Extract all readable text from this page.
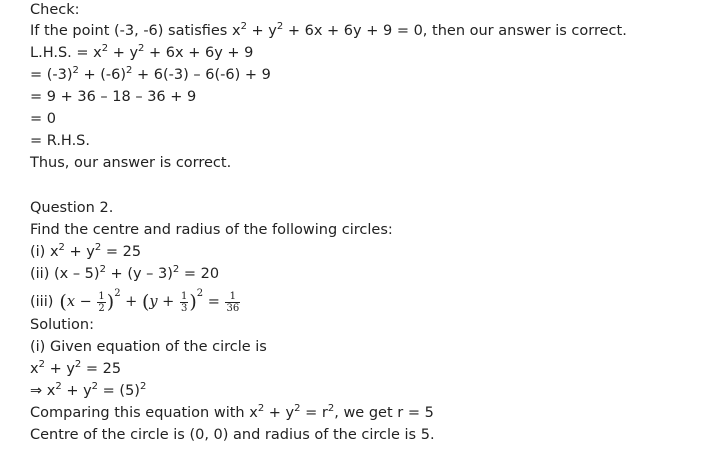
Check:
If the point (-3, -6) satisfies $x^2 + y^2 + 6x + 6y + 9 = 0$, then our answer is correct.
L.H.S. = $x^2 + y^2 + 6x + 6y + 9$
= $(-3)^2 + (-6)^2 + 6(-3) - 6(-6) + 9$
= 9 + 36 – 18 – 36 + 9
= 0
= R.H.S.
Thus, our answer is correct.
Question 2.
Find the centre and radius of the following circles:
(i) $x^2 + y^2 = 25$
(ii) (x – 5)$^2$ + (y – 3)$^2$ = 20
(iii) $(x - \frac{1}{2} )^2 + (y + \frac{1}{3} )^2 = \frac{1}{36}$
Solution:
(i) Given equation of the circle is
$x^2 + y^2 = 25$
⇒ $x^2 + y^2 = (5)^2$
Comparing this equation with $x^2 + y^2 = r^2$, we get r = 5
Centre of the circle is (0, 0) and radius of the circle is 5.
